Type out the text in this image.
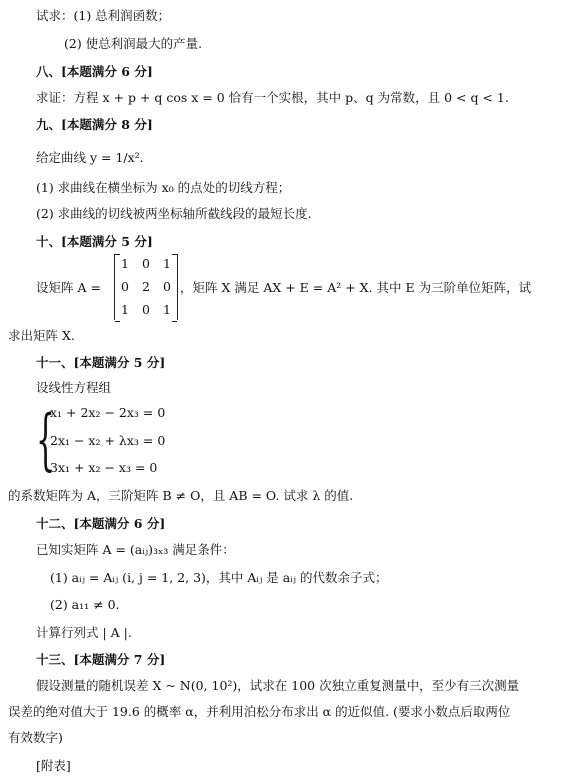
试求：(1) 总利润函数；
(2) 使总利润最大的产量.
八、[本题满分 6 分]
求证：方程 x + p + q cos x = 0 恰有一个实根，其中 p、q 为常数，且 0 < q < 1.
九、[本题满分 8 分]
给定曲线 y = 1/x².
(1) 求曲线在横坐标为 x₀ 的点处的切线方程；
(2) 求曲线的切线被两坐标轴所截线段的最短长度.
十、[本题满分 5 分]
设矩阵 A =
1 0 1
0 2 0
1 0 1
，矩阵 X 满足 AX + E = A² + X. 其中 E 为三阶单位矩阵，试
求出矩阵 X.
十一、[本题满分 5 分]
设线性方程组
{
x₁ + 2x₂ − 2x₃ = 0
2x₁ − x₂ + λx₃ = 0
3x₁ + x₂ − x₃ = 0
的系数矩阵为 A，三阶矩阵 B ≠ O，且 AB = O. 试求 λ 的值.
十二、[本题满分 6 分]
已知实矩阵 A = (aᵢⱼ)₃ₓ₃ 满足条件：
(1) aᵢⱼ = Aᵢⱼ (i, j = 1, 2, 3)，其中 Aᵢⱼ 是 aᵢⱼ 的代数余子式；
(2) a₁₁ ≠ 0.
计算行列式 | A |.
十三、[本题满分 7 分]
假设测量的随机误差 X ~ N(0, 10²)，试求在 100 次独立重复测量中，至少有三次测量
误差的绝对值大于 19.6 的概率 α，并利用泊松分布求出 α 的近似值. (要求小数点后取两位
有效数字)
[附表]
